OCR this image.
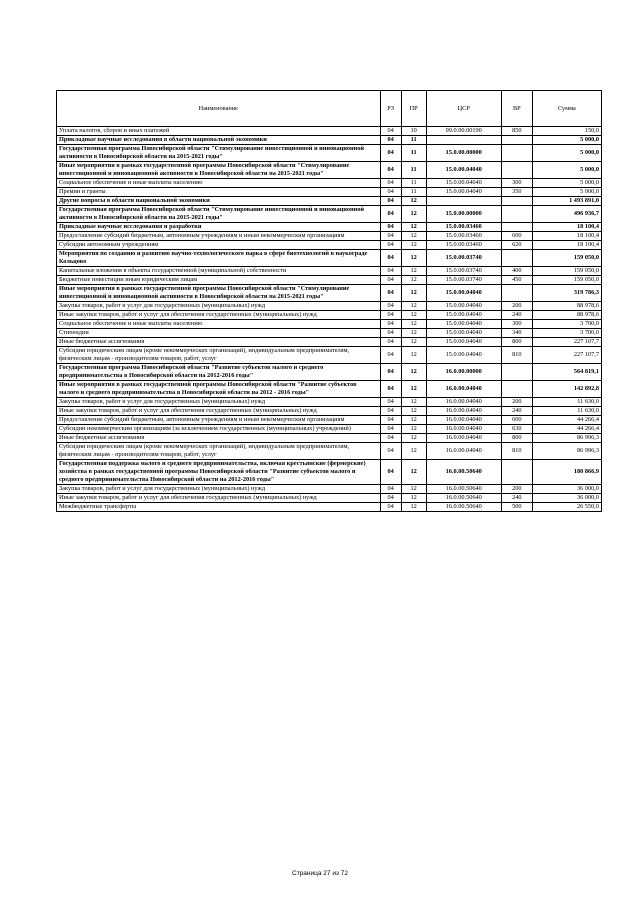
Наименование	РЗ	ПР	ЦСР	ВР	Сумма
Уплата налогов, сборов и иных платежей	04	10	99.0.00.00190	850	150,0
Прикладные научные исследования в области национальной экономики	04	11			5 000,0
Государственная программа Новосибирской области "Стимулирование инвестиционной и инновационной активности в Новосибирской области на 2015-2021 годы"	04	11	15.0.00.00000		5 000,0
Иные мероприятия в рамках государственной программы Новосибирской области "Стимулирование инвестиционной и инновационной активности в Новосибирской области на 2015-2021 годы"	04	11	15.0.00.04040		5 000,0
Социальное обеспечение и иные выплаты населению	04	11	15.0.00.04040	300	5 000,0
Премии и гранты	04	11	15.0.00.04040	350	5 000,0
Другие вопросы в области национальной экономики	04	12			1 493 891,0
Государственная программа Новосибирской области "Стимулирование инвестиционной и инновационной активности в Новосибирской области на 2015-2021 годы"	04	12	15.0.00.00000		496 936,7
Прикладные научные исследования и разработки	04	12	15.0.00.03460		18 100,4
Предоставление субсидий бюджетным, автономным учреждениям и иным некоммерческим организациям	04	12	15.0.00.03460	600	18 100,4
Субсидии автономным учреждениям	04	12	15.0.00.03460	620	18 100,4
Мероприятия по созданию и развитию научно-технологического парка в сфере биотехнологий в наукограде Кольцово	04	12	15.0.00.03740		159 050,0
Капитальные вложения в объекты государственной (муниципальной) собственности	04	12	15.0.00.03740	400	159 050,0
Бюджетные инвестиции иным юридическим лицам	04	12	15.0.00.03740	450	159 050,0
Иные мероприятия в рамках государственной программы Новосибирской области "Стимулирование инвестиционной и инновационной активности в Новосибирской области на 2015-2021 годы"	04	12	15.0.00.04040		319 786,3
Закупка товаров, работ и услуг для государственных (муниципальных) нужд	04	12	15.0.00.04040	200	88 978,6
Иные закупки товаров, работ и услуг для обеспечения государственных (муниципальных) нужд	04	12	15.0.00.04040	240	88 978,6
Социальное обеспечение и иные выплаты населению	04	12	15.0.00.04040	300	3 700,0
Стипендии	04	12	15.0.00.04040	340	3 700,0
Иные бюджетные ассигнования	04	12	15.0.00.04040	800	227 107,7
Субсидии юридическим лицам (кроме некоммерческих организаций), индивидуальным предпринимателям, физическим лицам - производителям товаров, работ, услуг	04	12	15.0.00.04040	810	227 107,7
Государственная программа Новосибирской области "Развитие субъектов малого и среднего предпринимательства в Новосибирской области на 2012-2016 годы"	04	12	16.0.00.00000		564 819,1
Иные мероприятия в рамках государственной программы Новосибирской области "Развитие субъектов малого и среднего предпринимательства в Новосибирской области на 2012 - 2016 годы"	04	12	16.0.00.04040		142 892,8
Закупка товаров, работ и услуг для государственных (муниципальных) нужд	04	12	16.0.00.04040	200	11 630,0
Иные закупки товаров, работ и услуг для обеспечения государственных (муниципальных) нужд	04	12	16.0.00.04040	240	11 630,0
Предоставление субсидий бюджетным, автономным учреждениям и иным некоммерческим организациям	04	12	16.0.00.04040	600	44 266,4
Субсидии некоммерческим организациям (за исключением государственных (муниципальных) учреждений)	04	12	16.0.00.04040	630	44 266,4
Иные бюджетные ассигнования	04	12	16.0.00.04040	800	86 996,3
Субсидии юридическим лицам (кроме некоммерческих организаций), индивидуальным предпринимателям, физическим лицам - производителям товаров, работ, услуг	04	12	16.0.00.04040	810	86 996,3
Государственная поддержка малого и среднего предпринимательства, включая крестьянские (фермерские) хозяйства в рамках государственной программы Новосибирской области "Развитие субъектов малого и среднего предпринимательства Новосибирской области на 2012-2016 годы"	04	12	16.0.00.50640		180 866,9
Закупка товаров, работ и услуг для государственных (муниципальных) нужд	04	12	16.0.00.50640	200	36 000,0
Иные закупки товаров, работ и услуг для обеспечения государственных (муниципальных) нужд	04	12	16.0.00.50640	240	36 000,0
Межбюджетные трансферты	04	12	16.0.00.50640	500	26 550,0
Страница 27 из 72
